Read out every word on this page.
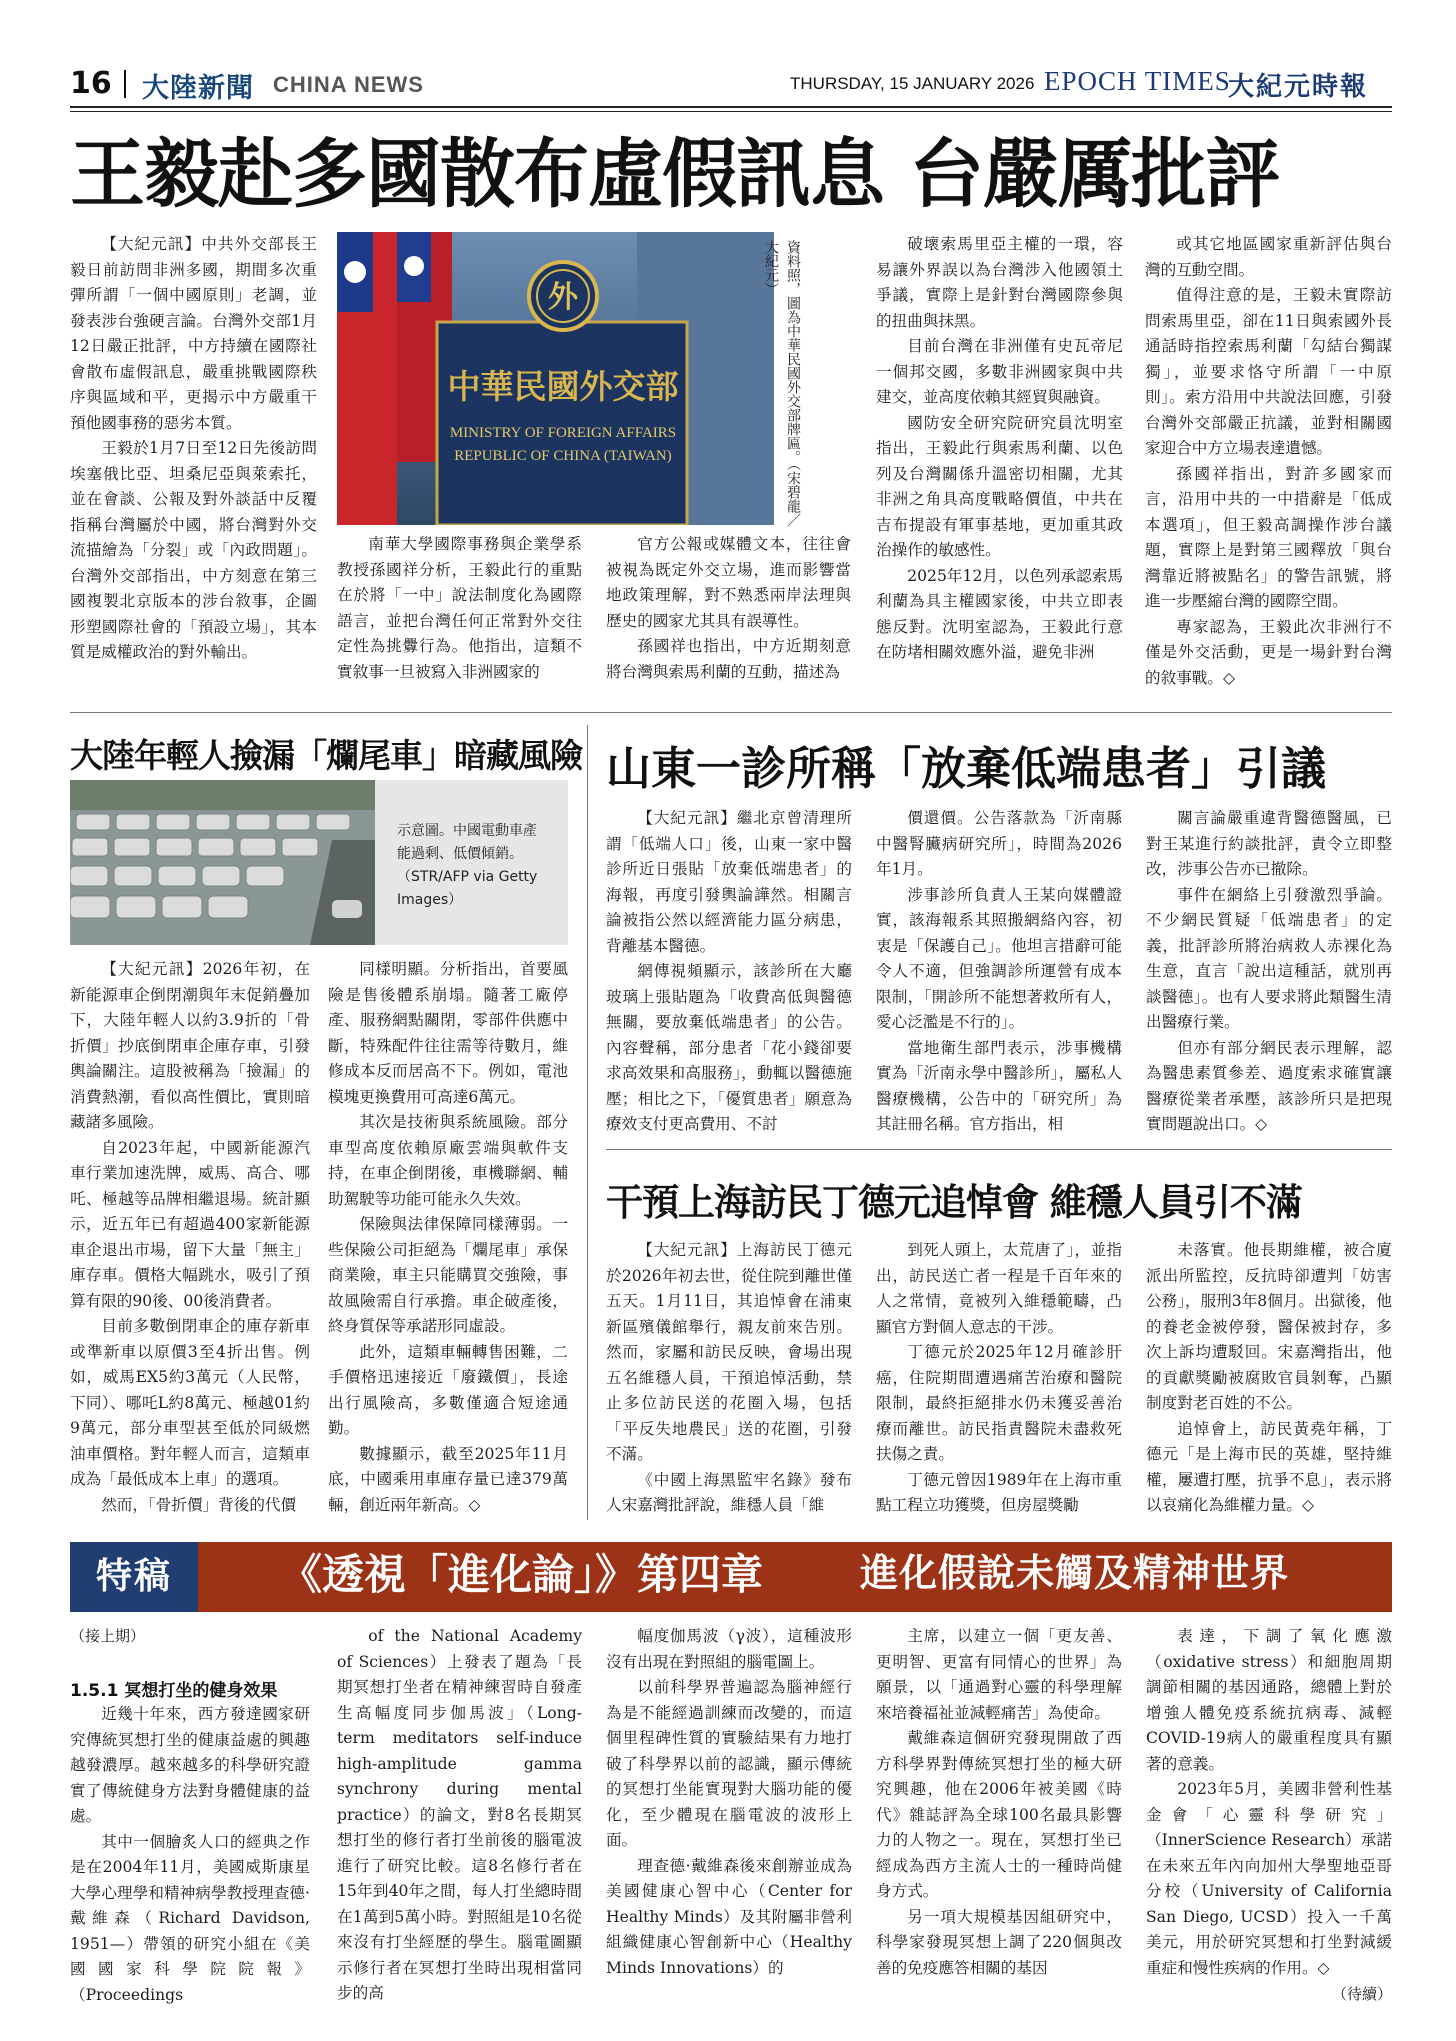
16 大陸新聞 CHINA NEWS	THURSDAY, 15 JANUARY 2026 EPOCH TIMES
大紀元時報
王毅赴多國散布虛假訊息 台嚴厲批評

【大紀元訊】中共外交部長王毅日前訪問非洲多國，期間多次重彈所謂「一個中國原則」老調，並發表涉台強硬言論。台灣外交部1月12日嚴正批評，中方持續在國際社會散布虛假訊息，嚴重挑戰國際秩序與區域和平，更揭示中方嚴重干預他國事務的惡劣本質。

王毅於1月7日至12日先後訪問埃塞俄比亞、坦桑尼亞與萊索托，並在會談、公報及對外談話中反覆指稱台灣屬於中國，將台灣對外交流描繪為「分裂」或「內政問題」。台灣外交部指出，中方刻意在第三國複製北京版本的涉台敘事，企圖形塑國際社會的「預設立場」，其本質是威權政治的對外輸出。

外
中華民國外交部
MINISTRY OF FOREIGN AFFAIRS
REPUBLIC OF CHINA (TAIWAN)	資料照，圖為中華民國外交部牌匾。（宋碧龍／大紀元）

南華大學國際事務與企業學系教授孫國祥分析，王毅此行的重點在於將「一中」說法制度化為國際語言，並把台灣任何正常對外交往定性為挑釁行為。他指出，這類不實敘事一旦被寫入非洲國家的

官方公報或媒體文本，往往會被視為既定外交立場，進而影響當地政策理解，對不熟悉兩岸法理與歷史的國家尤其具有誤導性。

孫國祥也指出，中方近期刻意將台灣與索馬利蘭的互動，描述為

破壞索馬里亞主權的一環，容易讓外界誤以為台灣涉入他國領土爭議，實際上是針對台灣國際參與的扭曲與抹黑。

目前台灣在非洲僅有史瓦帝尼一個邦交國，多數非洲國家與中共建交，並高度依賴其經貿與融資。

國防安全研究院研究員沈明室指出，王毅此行與索馬利蘭、以色列及台灣關係升溫密切相關，尤其非洲之角具高度戰略價值，中共在吉布提設有軍事基地，更加重其政治操作的敏感性。

2025年12月，以色列承認索馬利蘭為具主權國家後，中共立即表態反對。沈明室認為，王毅此行意在防堵相關效應外溢，避免非洲

或其它地區國家重新評估與台灣的互動空間。

值得注意的是，王毅未實際訪問索馬里亞，卻在11日與索國外長通話時指控索馬利蘭「勾結台獨謀獨」，並要求恪守所謂「一中原則」。索方沿用中共說法回應，引發台灣外交部嚴正抗議，並對相關國家迎合中方立場表達遺憾。

孫國祥指出，對許多國家而言，沿用中共的一中措辭是「低成本選項」，但王毅高調操作涉台議題，實際上是對第三國釋放「與台灣靠近將被點名」的警告訊號，將進一步壓縮台灣的國際空間。

專家認為，王毅此次非洲行不僅是外交活動，更是一場針對台灣的敘事戰。◇

大陸年輕人撿漏「爛尾車」暗藏風險
示意圖。中國電動車產能過剩、低價傾銷。（STR/AFP via Getty Images）

【大紀元訊】2026年初，在新能源車企倒閉潮與年末促銷疊加下，大陸年輕人以約3.9折的「骨折價」抄底倒閉車企庫存車，引發輿論關注。這股被稱為「撿漏」的消費熱潮，看似高性價比，實則暗藏諸多風險。

自2023年起，中國新能源汽車行業加速洗牌，威馬、高合、哪吒、極越等品牌相繼退場。統計顯示，近五年已有超過400家新能源車企退出市場，留下大量「無主」庫存車。價格大幅跳水，吸引了預算有限的90後、00後消費者。

目前多數倒閉車企的庫存新車或準新車以原價3至4折出售。例如，威馬EX5約3萬元（人民幣，下同）、哪吒L約8萬元、極越01約9萬元，部分車型甚至低於同級燃油車價格。對年輕人而言，這類車成為「最低成本上車」的選項。

然而，「骨折價」背後的代價

同樣明顯。分析指出，首要風險是售後體系崩塌。隨著工廠停產、服務網點關閉，零部件供應中斷，特殊配件往往需等待數月，維修成本反而居高不下。例如，電池模塊更換費用可高達6萬元。

其次是技術與系統風險。部分車型高度依賴原廠雲端與軟件支持，在車企倒閉後，車機聯網、輔助駕駛等功能可能永久失效。

保險與法律保障同樣薄弱。一些保險公司拒絕為「爛尾車」承保商業險，車主只能購買交強險，事故風險需自行承擔。車企破產後，終身質保等承諾形同虛設。

此外，這類車輛轉售困難，二手價格迅速接近「廢鐵價」，長途出行風險高，多數僅適合短途通勤。

數據顯示，截至2025年11月底，中國乘用車庫存量已達379萬輛，創近兩年新高。◇

山東一診所稱「放棄低端患者」引議

【大紀元訊】繼北京曾清理所謂「低端人口」後，山東一家中醫診所近日張貼「放棄低端患者」的海報，再度引發輿論譁然。相關言論被指公然以經濟能力區分病患，背離基本醫德。

網傳視頻顯示，該診所在大廳玻璃上張貼題為「收費高低與醫德無關，要放棄低端患者」的公告。內容聲稱，部分患者「花小錢卻要求高效果和高服務」，動輒以醫德施壓；相比之下，「優質患者」願意為療效支付更高費用、不討

價還價。公告落款為「沂南縣中醫腎臟病研究所」，時間為2026年1月。

涉事診所負責人王某向媒體證實，該海報系其照搬網絡內容，初衷是「保護自己」。他坦言措辭可能令人不適，但強調診所運營有成本限制，「開診所不能想著救所有人，愛心泛濫是不行的」。

當地衛生部門表示，涉事機構實為「沂南永學中醫診所」，屬私人醫療機構，公告中的「研究所」為其註冊名稱。官方指出，相

關言論嚴重違背醫德醫風，已對王某進行約談批評，責令立即整改，涉事公告亦已撤除。

事件在網絡上引發激烈爭論。不少網民質疑「低端患者」的定義，批評診所將治病救人赤裸化為生意，直言「說出這種話，就別再談醫德」。也有人要求將此類醫生清出醫療行業。

但亦有部分網民表示理解，認為醫患素質參差、過度索求確實讓醫療從業者承壓，該診所只是把現實問題說出口。◇

干預上海訪民丁德元追悼會 維穩人員引不滿

【大紀元訊】上海訪民丁德元於2026年初去世，從住院到離世僅五天。1月11日，其追悼會在浦東新區殯儀館舉行，親友前來告別。然而，家屬和訪民反映，會場出現五名維穩人員，干預追悼活動，禁止多位訪民送的花圈入場，包括「平反失地農民」送的花圈，引發不滿。

《中國上海黑監牢名錄》發布人宋嘉灣批評說，維穩人員「維

到死人頭上，太荒唐了」，並指出，訪民送亡者一程是千百年來的人之常情，竟被列入維穩範疇，凸顯官方對個人意志的干涉。

丁德元於2025年12月確診肝癌，住院期間遭遇痛苦治療和醫院限制，最終拒絕排水仍未獲妥善治療而離世。訪民指責醫院未盡救死扶傷之責。

丁德元曾因1989年在上海市重點工程立功獲獎，但房屋獎勵

未落實。他長期維權，被合廈派出所監控，反抗時卻遭判「妨害公務」，服刑3年8個月。出獄後，他的養老金被停發，醫保被封存，多次上訴均遭駁回。宋嘉灣指出，他的貢獻獎勵被腐敗官員剝奪，凸顯制度對老百姓的不公。

追悼會上，訪民黃堯年稱，丁德元「是上海市民的英雄，堅持維權，屢遭打壓，抗爭不息」，表示將以哀痛化為維權力量。◇

特稿	《透視「進化論」》第四章	進化假說未觸及精神世界
（接上期）
1.5.1 冥想打坐的健身效果

近幾十年來，西方發達國家研究傳統冥想打坐的健康益處的興趣越發濃厚。越來越多的科學研究證實了傳統健身方法對身體健康的益處。

其中一個膾炙人口的經典之作是在2004年11月，美國威斯康星大學心理學和精神病學教授理查德·戴維森（Richard Davidson, 1951—）帶領的研究小組在《美國國家科學院院報》（Proceedings

of the National Academy of Sciences）上發表了題為「長期冥想打坐者在精神練習時自發產生高幅度同步伽馬波」（Long-term meditators self-induce high-amplitude gamma synchrony during mental practice）的論文，對8名長期冥想打坐的修行者打坐前後的腦電波進行了研究比較。這8名修行者在15年到40年之間，每人打坐總時間在1萬到5萬小時。對照組是10名從來沒有打坐經歷的學生。腦電圖顯示修行者在冥想打坐時出現相當同步的高

幅度伽馬波（γ波），這種波形沒有出現在對照組的腦電圖上。

以前科學界普遍認為腦神經行為是不能經過訓練而改變的，而這個里程碑性質的實驗結果有力地打破了科學界以前的認識，顯示傳統的冥想打坐能實現對大腦功能的優化，至少體現在腦電波的波形上面。

理查德·戴維森後來創辦並成為美國健康心智中心（Center for Healthy Minds）及其附屬非營利組織健康心智創新中心（Healthy Minds Innovations）的

主席，以建立一個「更友善、更明智、更富有同情心的世界」為願景，以「通過對心靈的科學理解來培養福祉並減輕痛苦」為使命。

戴維森這個研究發現開啟了西方科學界對傳統冥想打坐的極大研究興趣，他在2006年被美國《時代》雜誌評為全球100名最具影響力的人物之一。現在，冥想打坐已經成為西方主流人士的一種時尚健身方式。

另一項大規模基因組研究中，科學家發現冥想上調了220個與改善的免疫應答相關的基因

表達，下調了氧化應激（oxidative stress）和細胞周期調節相關的基因通路，總體上對於增強人體免疫系統抗病毒、減輕COVID-19病人的嚴重程度具有顯著的意義。

2023年5月，美國非營利性基金會「心靈科學研究」（InnerScience Research）承諾在未來五年內向加州大學聖地亞哥分校（University of California San Diego, UCSD）投入一千萬美元，用於研究冥想和打坐對減緩重症和慢性疾病的作用。◇

（待續）
